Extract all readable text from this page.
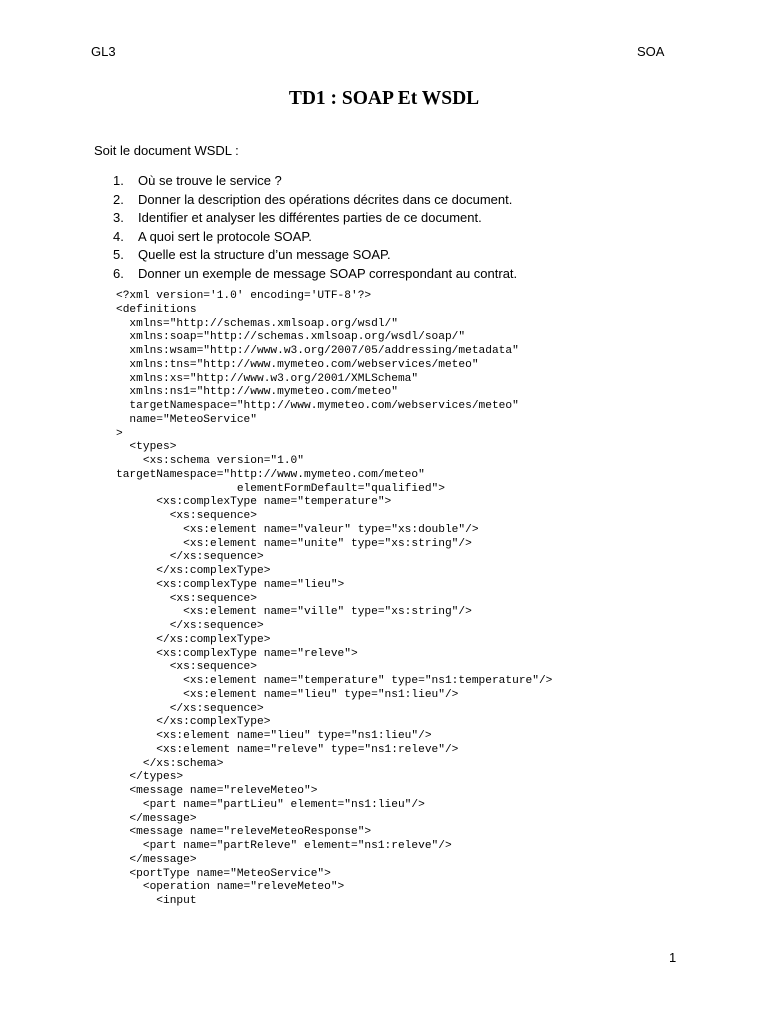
GL3	SOA
TD1 : SOAP Et WSDL
Soit le document WSDL :
1. Où se trouve le service ?
2. Donner la description des opérations décrites dans ce document.
3. Identifier et analyser les différentes parties de ce document.
4. A quoi sert le protocole SOAP.
5. Quelle est la structure d’un message SOAP.
6. Donner un exemple de message SOAP correspondant au contrat.
<?xml version='1.0' encoding='UTF-8'?>
<definitions
xmlns="http://schemas.xmlsoap.org/wsdl/"
xmlns:soap="http://schemas.xmlsoap.org/wsdl/soap/"
xmlns:wsam="http://www.w3.org/2007/05/addressing/metadata"
xmlns:tns="http://www.mymeteo.com/webservices/meteo"
xmlns:xs="http://www.w3.org/2001/XMLSchema"
xmlns:ns1="http://www.mymeteo.com/meteo"
targetNamespace="http://www.mymeteo.com/webservices/meteo"
name="MeteoService"
>
<types>
<xs:schema version="1.0"
targetNamespace="http://www.mymeteo.com/meteo"
elementFormDefault="qualified">
<xs:complexType name="temperature">
<xs:sequence>
<xs:element name="valeur" type="xs:double"/>
<xs:element name="unite" type="xs:string"/>
</xs:sequence>
</xs:complexType>
<xs:complexType name="lieu">
<xs:sequence>
<xs:element name="ville" type="xs:string"/>
</xs:sequence>
</xs:complexType>
<xs:complexType name="releve">
<xs:sequence>
<xs:element name="temperature" type="ns1:temperature"/>
<xs:element name="lieu" type="ns1:lieu"/>
</xs:sequence>
</xs:complexType>
<xs:element name="lieu" type="ns1:lieu"/>
<xs:element name="releve" type="ns1:releve"/>
</xs:schema>
</types>
<message name="releveMeteo">
<part name="partLieu" element="ns1:lieu"/>
</message>
<message name="releveMeteoResponse">
<part name="partReleve" element="ns1:releve"/>
</message>
<portType name="MeteoService">
<operation name="releveMeteo">
<input
1
